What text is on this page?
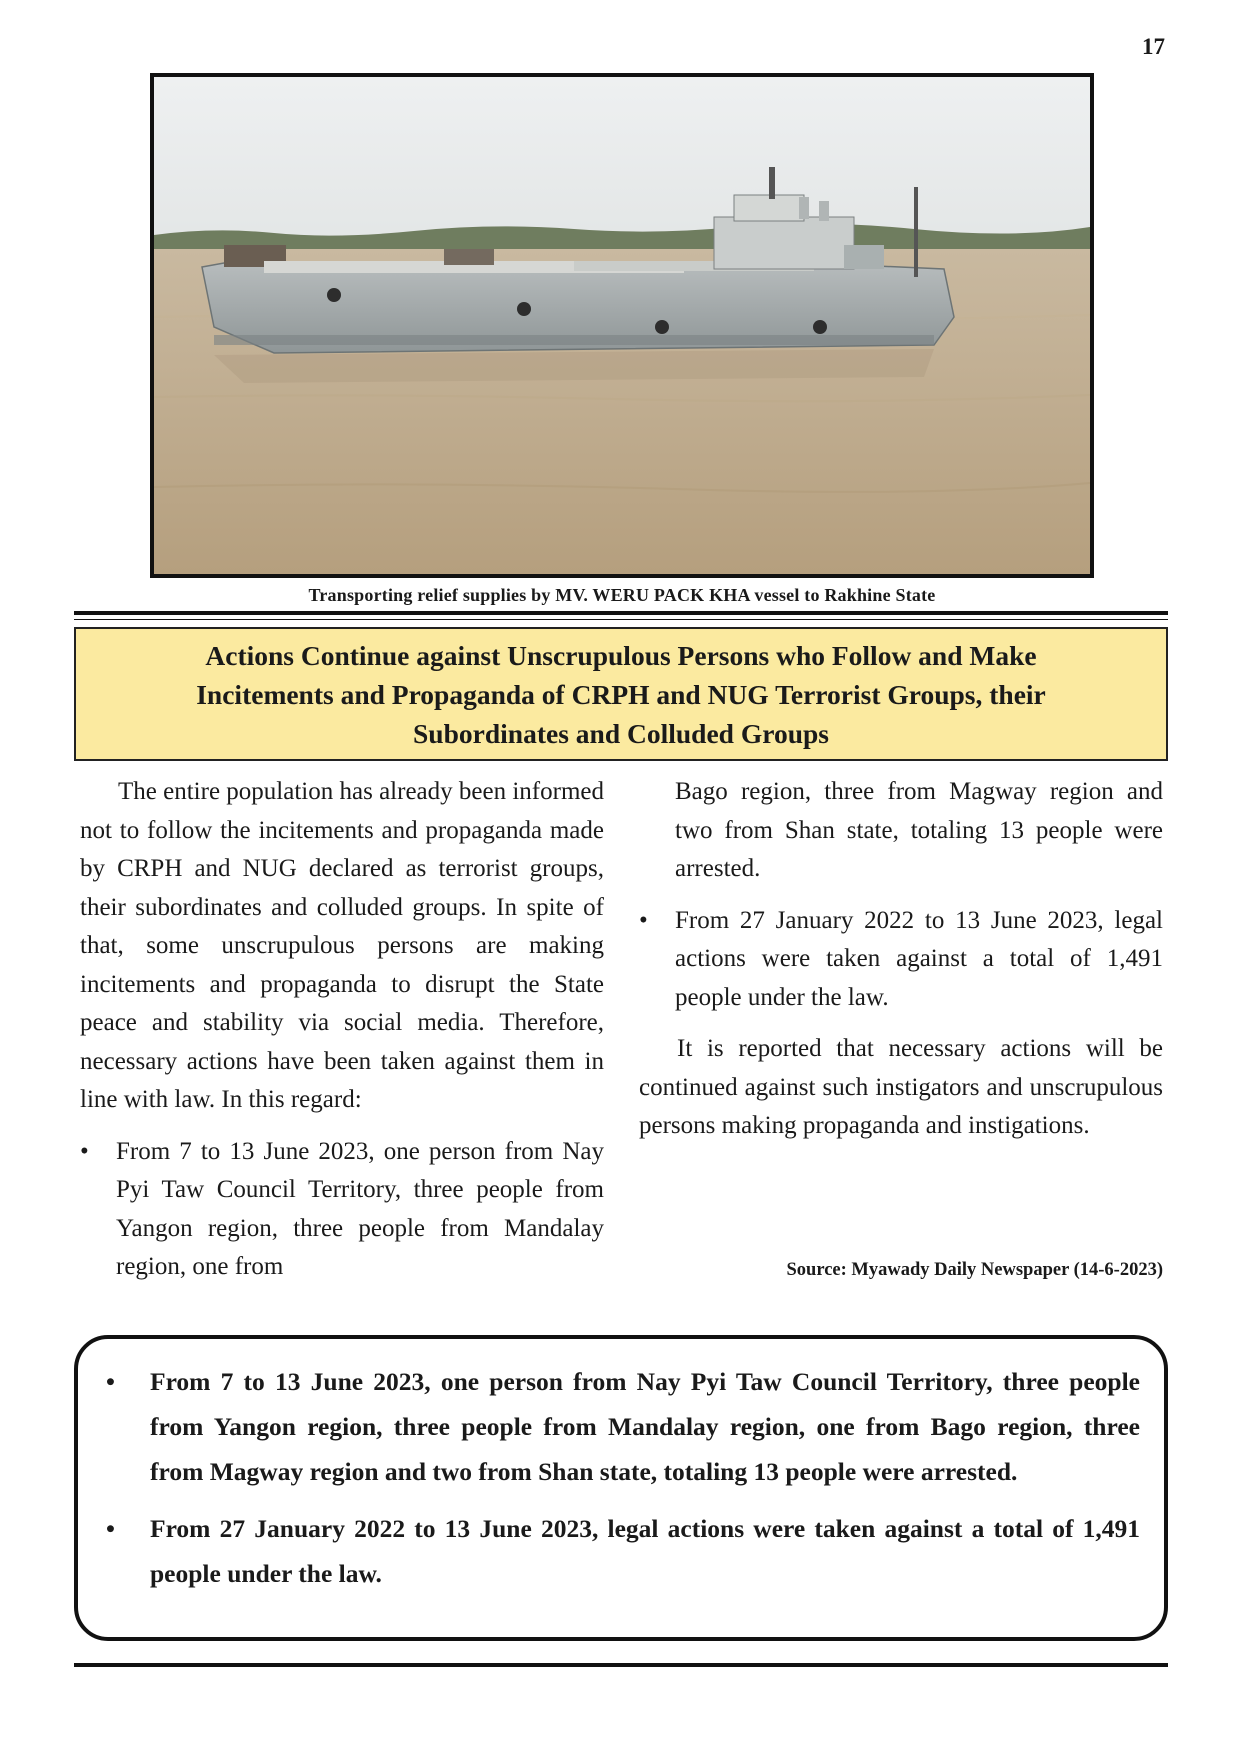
17
Transporting relief supplies by MV. WERU PACK KHA vessel to Rakhine State
Actions Continue against Unscrupulous Persons who Follow and Make Incitements and Propaganda of CRPH and NUG Terrorist Groups, their Subordinates and Colluded Groups

The entire population has already been informed not to follow the incitements and propaganda made by CRPH and NUG declared as terrorist groups, their subordinates and colluded groups. In spite of that, some unscrupulous persons are making incitements and propaganda to disrupt the State peace and stability via social media. Therefore, necessary actions have been taken against them in line with law. In this regard:

•	From 7 to 13 June 2023, one person from Nay Pyi Taw Council Territory, three people from Yangon region, three people from Mandalay region, one from

Bago region, three from Magway region and two from Shan state, totaling 13 people were arrested.

•	From 27 January 2022 to 13 June 2023, legal actions were taken against a total of 1,491 people under the law.

It is reported that necessary actions will be continued against such instigators and unscrupulous persons making propaganda and instigations.

Source: Myawady Daily Newspaper (14-6-2023)
• From 7 to 13 June 2023, one person from Nay Pyi Taw Council Territory, three people from Yangon region, three people from Mandalay region, one from Bago region, three from Magway region and two from Shan state, totaling 13 people were arrested.
• From 27 January 2022 to 13 June 2023, legal actions were taken against a total of 1,491 people under the law.
